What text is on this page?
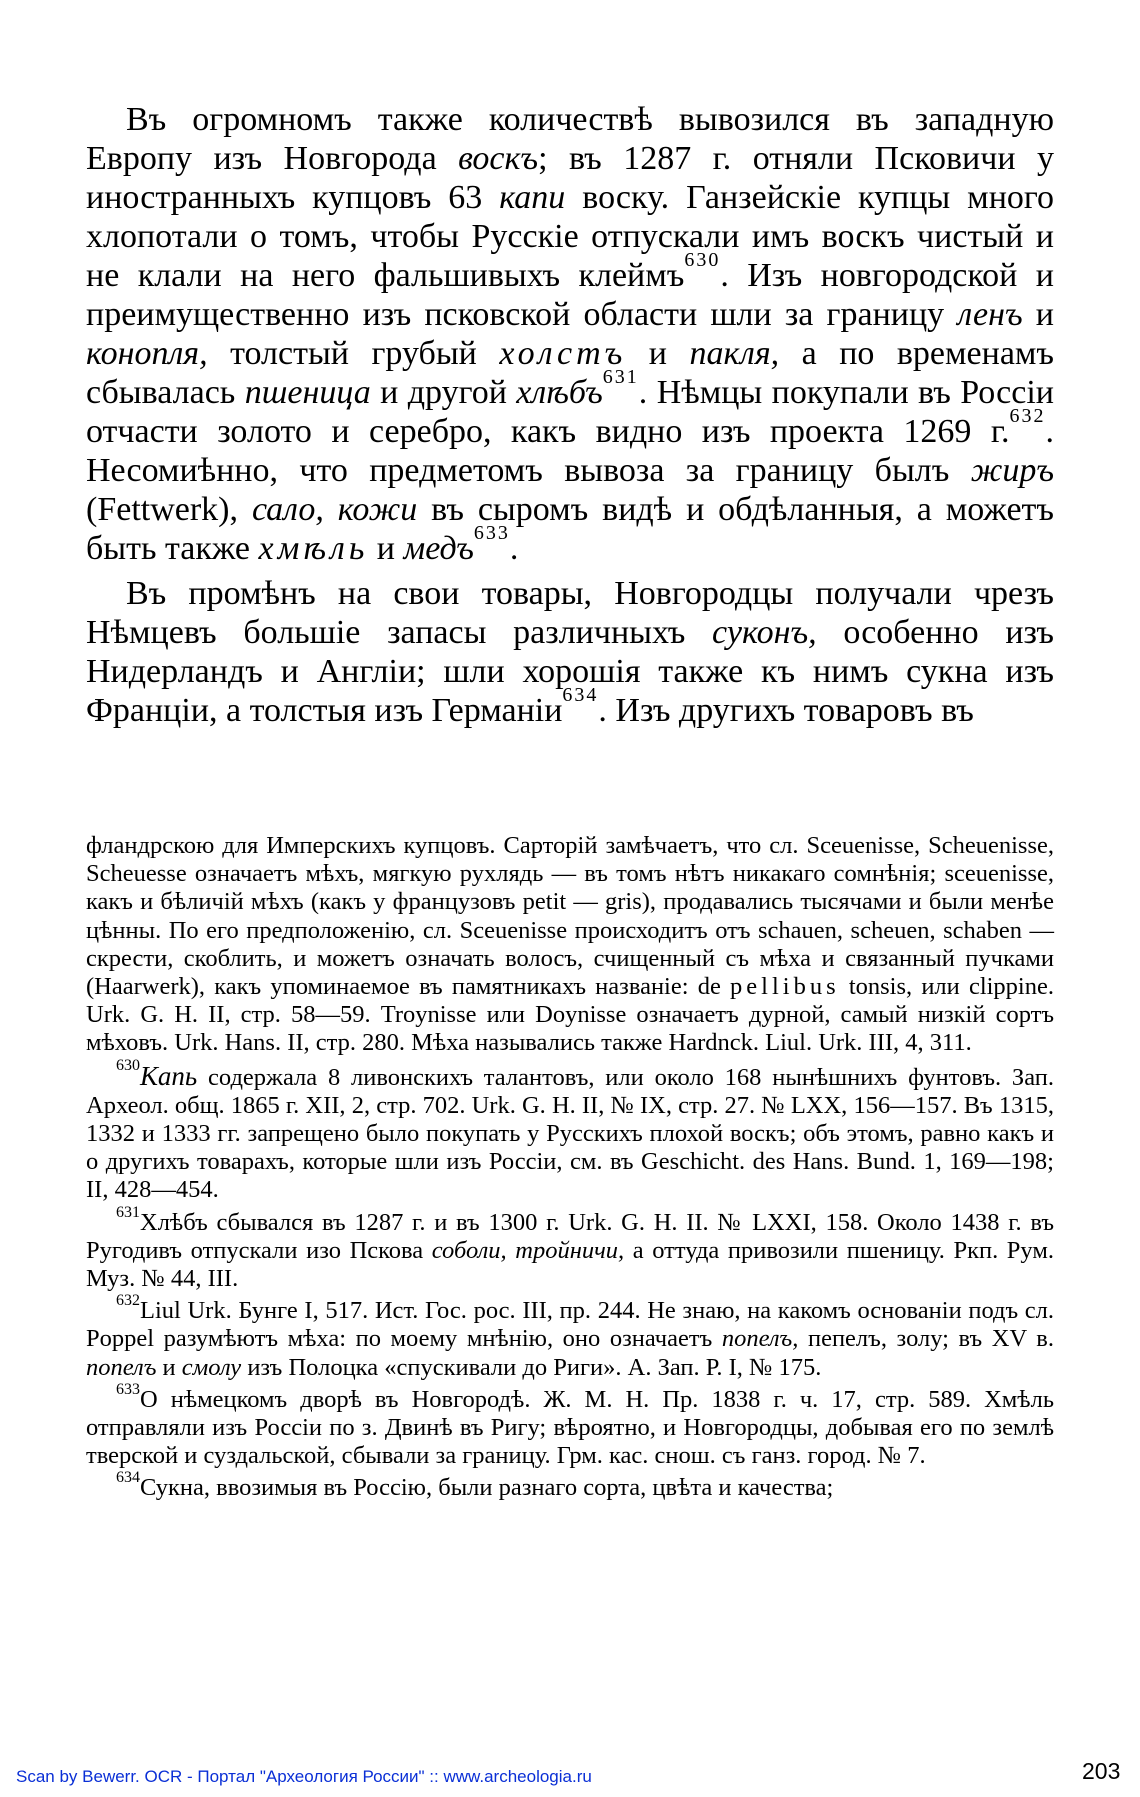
Въ огромномъ также количествѣ вывозился въ западную Европу изъ Новгорода воскъ; въ 1287 г. отняли Псковичи у иностранныхъ купцовъ 63 капи воску. Ганзейскіе купцы много хлопотали о томъ, чтобы Русскіе отпускали имъ воскъ чистый и не клали на него фальшивыхъ клеймъ$^{630}$. Изъ новгородской и преимущественно изъ псковской области шли за границу ленъ и конопля, толстый грубый холстъ и пакля, а по временамъ сбывалась пшеница и другой хлѣбъ$^{631}$. Нѣмцы покупали въ Россіи отчасти золото и серебро, какъ видно изъ проекта 1269 г.$^{632}$. Несомиѣнно, что предметомъ вывоза за границу былъ жиръ (Fettwerk), сало, кожи въ сыромъ видѣ и обдѣланныя, а можетъ быть также хмѣль и медъ$^{633}$.

Въ промѣнъ на свои товары, Новгородцы получали чрезъ Нѣмцевъ большіе запасы различныхъ суконъ, особенно изъ Нидерландъ и Англіи; шли хорошія также къ нимъ сукна изъ Франціи, а толстыя изъ Германіи$^{634}$. Изъ другихъ товаровъ въ

фландрскою для Имперскихъ купцовъ. Сарторій замѣчаетъ, что сл. Sceuenisse, Scheuenisse, Scheuesse означаетъ мѣхъ, мягкую рухлядь — въ томъ нѣтъ никакаго сомнѣнія; sceuenisse, какъ и бѣличій мѣхъ (какъ у французовъ petit — gris), продавались тысячами и были менѣе цѣнны. По его предположенію, сл. Sceuenisse происходитъ отъ schauen, scheuen, schaben — скрести, скоблить, и можетъ означать волосъ, счищенный съ мѣха и связанный пучками (Haarwerk), какъ упоминаемое въ памятникахъ названіе: de pellibus tonsis, или clippine. Urk. G. H. II, стр. 58—59. Troynisse или Doynisse означаетъ дурной, самый низкій сортъ мѣховъ. Urk. Hans. II, стр. 280. Мѣха назывались также Hardnck. Liul. Urk. III, 4, 311.

$^{630}$Капь содержала 8 ливонскихъ талантовъ, или около 168 нынѣшнихъ фунтовъ. Зап. Археол. общ. 1865 г. XII, 2, стр. 702. Urk. G. H. II, № IX, стр. 27. № LXX, 156—157. Въ 1315, 1332 и 1333 гг. запрещено было покупать у Русскихъ плохой воскъ; объ этомъ, равно какъ и о другихъ товарахъ, которые шли изъ Россіи, см. въ Geschicht. des Hans. Bund. 1, 169—198; II, 428—454.

$^{631}$Хлѣбъ сбывался въ 1287 г. и въ 1300 г. Urk. G. H. II. № LXXI, 158. Около 1438 г. въ Ругодивъ отпускали изо Пскова соболи, тройничи, а оттуда привозили пшеницу. Ркп. Рум. Муз. № 44, III.

$^{632}$Liul Urk. Бунге I, 517. Ист. Гос. рос. III, пр. 244. Не знаю, на какомъ основаніи подъ сл. Poppel разумѣютъ мѣха: по моему мнѣнію, оно означаетъ попелъ, пепелъ, золу; въ XV в. попелъ и смолу изъ Полоцка «спускивали до Риги». А. Зап. Р. I, № 175.

$^{633}$О нѣмецкомъ дворѣ въ Новгородѣ. Ж. М. Н. Пр. 1838 г. ч. 17, стр. 589. Хмѣль отправляли изъ Россіи по з. Двинѣ въ Ригу; вѣроятно, и Новгородцы, добывая его по землѣ тверской и суздальской, сбывали за границу. Грм. кас. снош. съ ганз. город. № 7.

$^{634}$Сукна, ввозимыя въ Россію, были разнаго сорта, цвѣта и качества;

Scan by Bewerr. OCR - Портал "Археология России" :: www.archeologia.ru	203
